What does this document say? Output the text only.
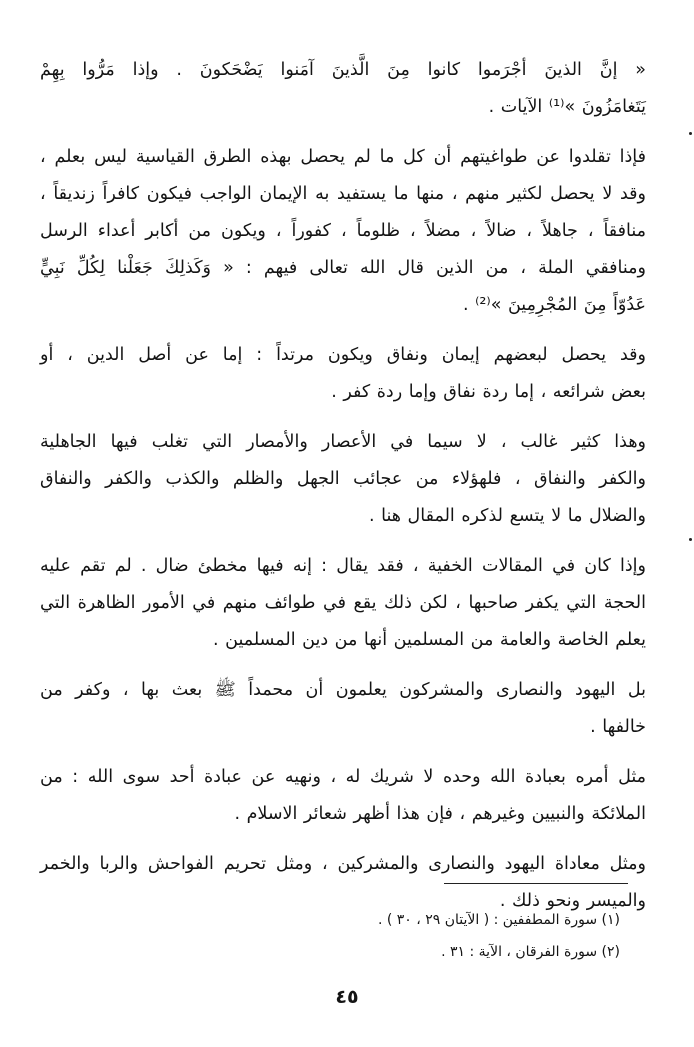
« إنَّ الذينَ أجْرَموا كانوا مِنَ الَّذينَ آمَنوا يَضْحَكونَ . وإذا مَرُّوا بِهِمْ
يَتَغامَزُونَ »⁽¹⁾ الآيات .

فإذا تقلدوا عن طواغيتهم أن كل ما لم يحصل بهذه الطرق القياسية ليس بعلم ،
وقد لا يحصل لكثير منهم ، منها ما يستفيد به الإيمان الواجب فيكون كافراً زنديقاً ،
منافقاً ، جاهلاً ، ضالاً ، مضلاً ، ظلوماً ، كفوراً ، ويكون من أكابر أعداء الرسل
ومنافقي الملة ، من الذين قال الله تعالى فيهم : « وَكَذلِكَ جَعَلْنا لِكُلِّ نَبِيٍّ
عَدُوّاً مِنَ المُجْرِمِينَ »⁽²⁾ .

وقد يحصل لبعضهم إيمان ونفاق ويكون مرتداً : إما عن أصل الدين ، أو
بعض شرائعه ، إما ردة نفاق وإما ردة كفر .

وهذا كثير غالب ، لا سيما في الأعصار والأمصار التي تغلب فيها الجاهلية
والكفر والنفاق ، فلهؤلاء من عجائب الجهل والظلم والكذب والكفر والنفاق
والضلال ما لا يتسع لذكره المقال هنا .

وإذا كان في المقالات الخفية ، فقد يقال : إنه فيها مخطئ ضال . لم تقم عليه
الحجة التي يكفر صاحبها ، لكن ذلك يقع في طوائف منهم في الأمور الظاهرة التي
يعلم الخاصة والعامة من المسلمين أنها من دين المسلمين .

بل اليهود والنصارى والمشركون يعلمون أن محمداً ﷺ بعث بها ، وكفر من
خالفها .

مثل أمره بعبادة الله وحده لا شريك له ، ونهيه عن عبادة أحد سوى الله : من
الملائكة والنبيين وغيرهم ، فإن هذا أظهر شعائر الاسلام .

ومثل معاداة اليهود والنصارى والمشركين ، ومثل تحريم الفواحش والربا والخمر
والميسر ونحو ذلك .

(١) سورة المطففين : ( الآيتان ٢٩ ، ٣٠ ) .
(٢) سورة الفرقان ، الآية : ٣١ .
٤٥
